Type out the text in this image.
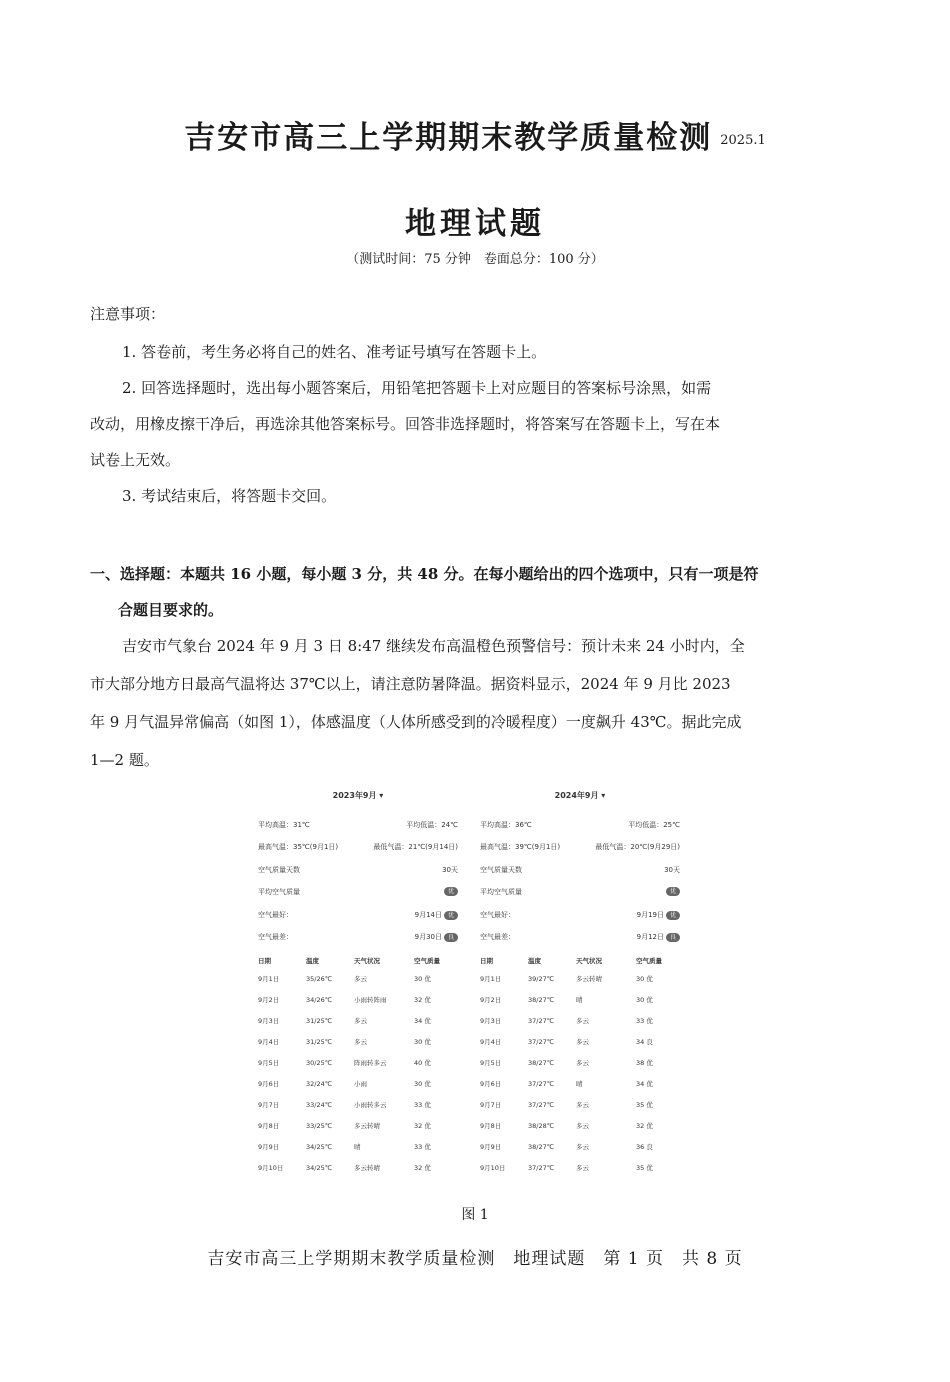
吉安市高三上学期期末教学质量检测 2025.1
地理试题
（测试时间：75 分钟　卷面总分：100 分）
注意事项：
1. 答卷前，考生务必将自己的姓名、准考证号填写在答题卡上。
2. 回答选择题时，选出每小题答案后，用铅笔把答题卡上对应题目的答案标号涂黑，如需
改动，用橡皮擦干净后，再选涂其他答案标号。回答非选择题时，将答案写在答题卡上，写在本
试卷上无效。
3. 考试结束后，将答题卡交回。
一、选择题：本题共 16 小题，每小题 3 分，共 48 分。在每小题给出的四个选项中，只有一项是符
合题目要求的。
吉安市气象台 2024 年 9 月 3 日 8:47 继续发布高温橙色预警信号：预计未来 24 小时内，全
市大部分地方日最高气温将达 37℃以上，请注意防暑降温。据资料显示，2024 年 9 月比 2023
年 9 月气温异常偏高（如图 1），体感温度（人体所感受到的冷暖程度）一度飙升 43℃。据此完成
1—2 题。
2023年9月 ▾
平均高温：31℃	平均低温：24℃
最高气温：35℃(9月1日)	最低气温：21℃(9月14日)
空气质量天数	30天
平均空气质量	优
空气最好：	9月14日 优
空气最差：	9月30日 良
日期	温度	天气状况	空气质量
9月1日	35/26℃	多云	30 优
9月2日	34/26℃	小雨转阵雨	32 优
9月3日	31/25℃	多云	34 优
9月4日	31/25℃	多云	30 优
9月5日	30/25℃	阵雨转多云	40 优
9月6日	32/24℃	小雨	30 优
9月7日	33/24℃	小雨转多云	33 优
9月8日	33/25℃	多云转晴	32 优
9月9日	34/25℃	晴	33 优
9月10日	34/25℃	多云转晴	32 优
2024年9月 ▾
平均高温：36℃	平均低温：25℃
最高气温：39℃(9月1日)	最低气温：20℃(9月29日)
空气质量天数	30天
平均空气质量	优
空气最好：	9月19日 优
空气最差：	9月12日 良
日期	温度	天气状况	空气质量
9月1日	39/27℃	多云转晴	30 优
9月2日	38/27℃	晴	30 优
9月3日	37/27℃	多云	33 优
9月4日	37/27℃	多云	34 良
9月5日	38/27℃	多云	38 优
9月6日	37/27℃	晴	34 优
9月7日	37/27℃	多云	35 优
9月8日	38/28℃	多云	32 优
9月9日	38/27℃	多云	36 良
9月10日	37/27℃	多云	35 优
图 1
吉安市高三上学期期末教学质量检测　地理试题　第 1 页　共 8 页
